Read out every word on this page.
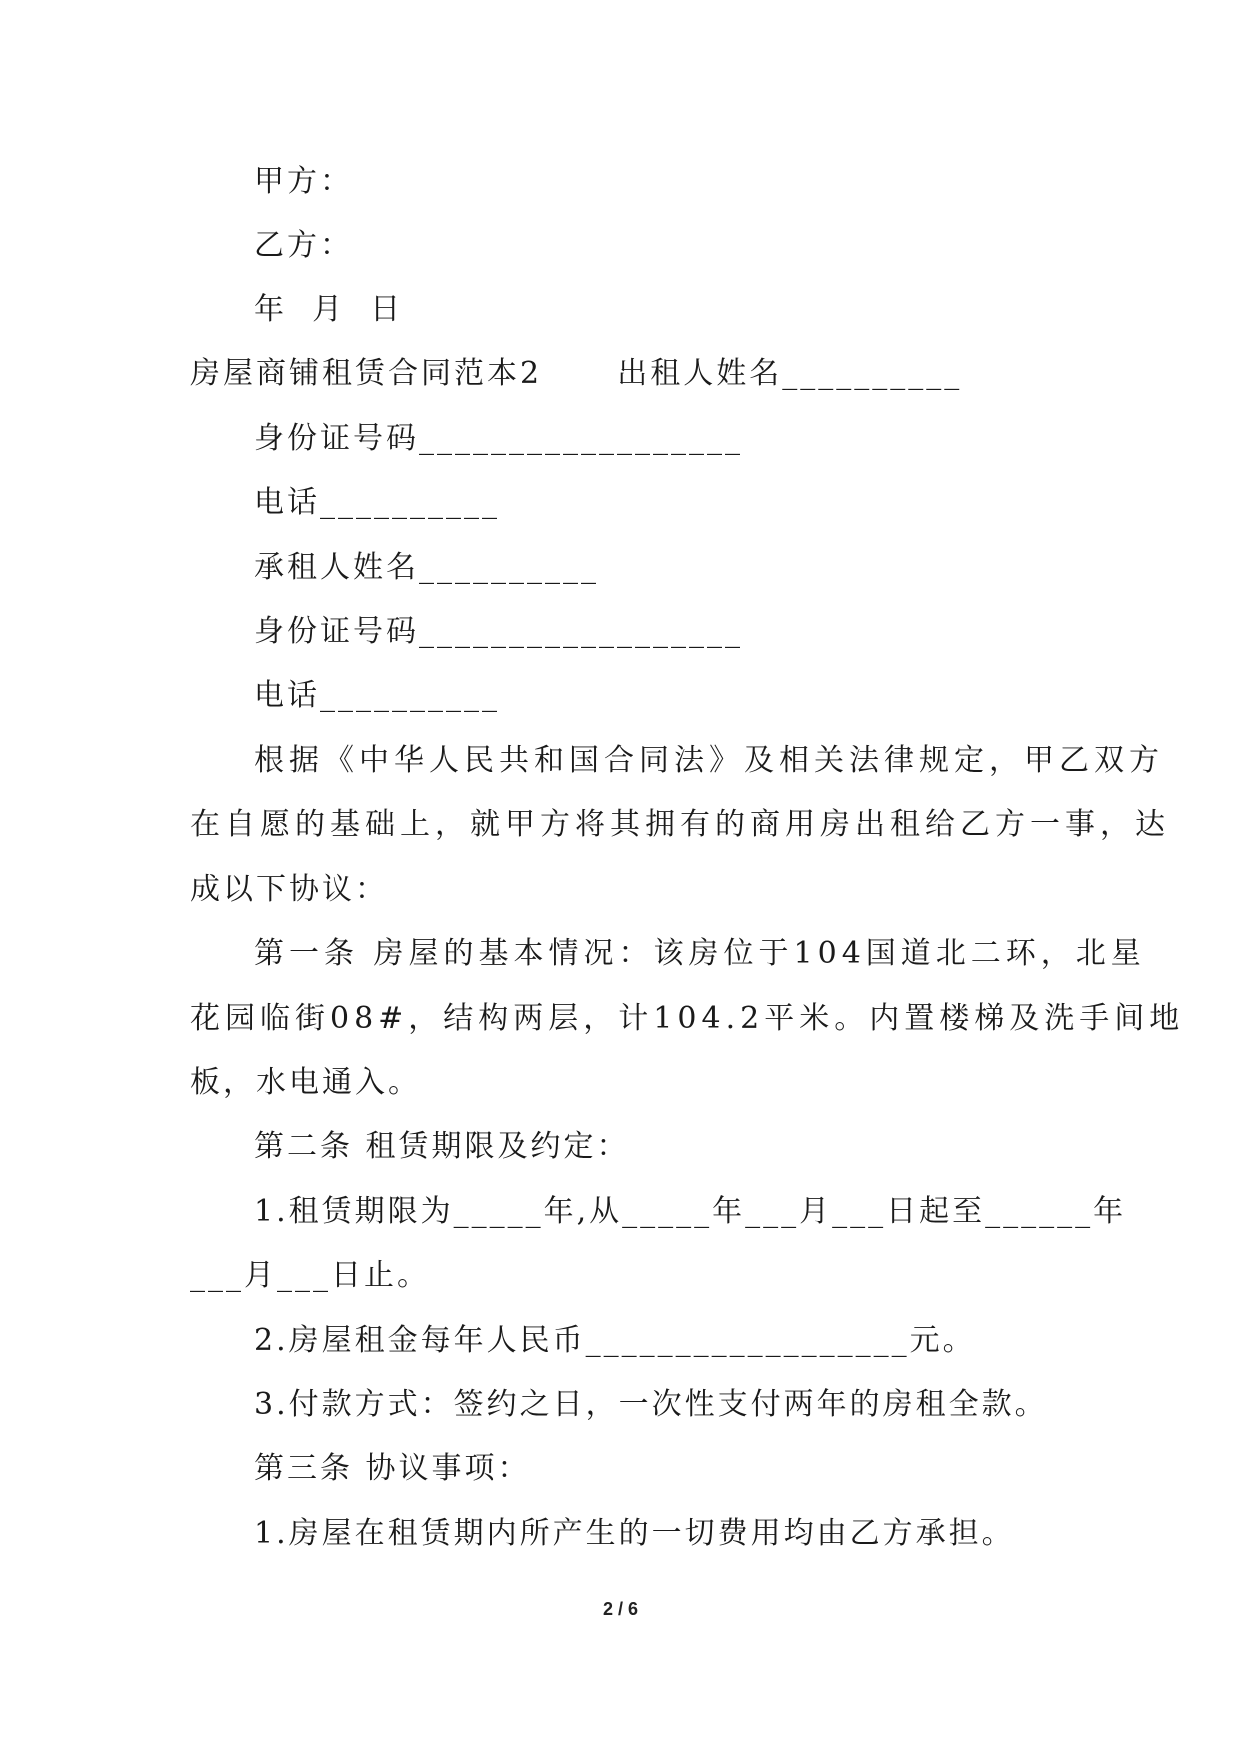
甲方：
乙方：
年  月  日
房屋商铺租赁合同范本2      出租人姓名__________
身份证号码__________________
电话__________
承租人姓名__________
身份证号码__________________
电话__________
根据《中华人民共和国合同法》及相关法律规定，甲乙双方
在自愿的基础上，就甲方将其拥有的商用房出租给乙方一事，达
成以下协议：
第一条 房屋的基本情况：该房位于104国道北二环，北星
花园临街08#，结构两层，计104.2平米。内置楼梯及洗手间地
板，水电通入。
第二条 租赁期限及约定：
1.租赁期限为_____年,从_____年___月___日起至______年
___月___日止。
2.房屋租金每年人民币__________________元。
3.付款方式：签约之日，一次性支付两年的房租全款。
第三条 协议事项：
1.房屋在租赁期内所产生的一切费用均由乙方承担。
2 / 6
